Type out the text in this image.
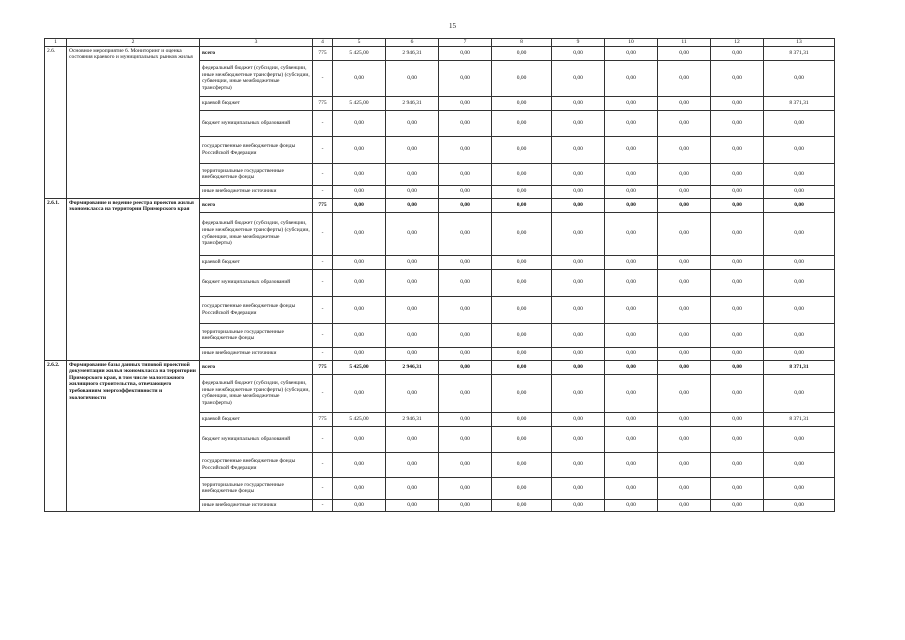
15
1	2	3	4	5	6	7	8	9	10	11	12	13
2.6.	Основное мероприятие 6. Мониторинг и оценка состояния краевого и муниципальных рынков жилья	всего	775	5 425,00	2 946,31	0,00	0,00	0,00	0,00	0,00	0,00	8 371,31
		федеральный бюджет (субсидии, субвенции, иные межбюджетные трансферты) (субсидии, субвенции, иные межбюджетные трансферты)	-	0,00	0,00	0,00	0,00	0,00	0,00	0,00	0,00	0,00
		краевой бюджет	775	5 425,00	2 946,31	0,00	0,00	0,00	0,00	0,00	0,00	8 371,31
		бюджет муниципальных образований	-	0,00	0,00	0,00	0,00	0,00	0,00	0,00	0,00	0,00
		государственные внебюджетные фонды Российской Федерации	-	0,00	0,00	0,00	0,00	0,00	0,00	0,00	0,00	0,00
		территориальные государственные внебюджетные фонды	-	0,00	0,00	0,00	0,00	0,00	0,00	0,00	0,00	0,00
		иные внебюджетные источники	-	0,00	0,00	0,00	0,00	0,00	0,00	0,00	0,00	0,00
2.6.1.	Формирование и ведение реестра проектов жилья экономкласса на территории Приморского края	всего	775	0,00	0,00	0,00	0,00	0,00	0,00	0,00	0,00	0,00
		федеральный бюджет (субсидии, субвенции, иные межбюджетные трансферты) (субсидии, субвенции, иные межбюджетные трансферты)	-	0,00	0,00	0,00	0,00	0,00	0,00	0,00	0,00	0,00
		краевой бюджет	-	0,00	0,00	0,00	0,00	0,00	0,00	0,00	0,00	0,00
		бюджет муниципальных образований	-	0,00	0,00	0,00	0,00	0,00	0,00	0,00	0,00	0,00
		государственные внебюджетные фонды Российской Федерации	-	0,00	0,00	0,00	0,00	0,00	0,00	0,00	0,00	0,00
		территориальные государственные внебюджетные фонды	-	0,00	0,00	0,00	0,00	0,00	0,00	0,00	0,00	0,00
		иные внебюджетные источники	-	0,00	0,00	0,00	0,00	0,00	0,00	0,00	0,00	0,00
2.6.2.	Формирование базы данных типовой проектной документации жилья экономкласса на территории Приморского края, в том числе малоэтажного жилищного строительства, отвечающего требованиям энергоэффективности и экологичности	всего	775	5 425,00	2 946,31	0,00	0,00	0,00	0,00	0,00	0,00	8 371,31
		федеральный бюджет (субсидии, субвенции, иные межбюджетные трансферты) (субсидии, субвенции, иные межбюджетные трансферты)	-	0,00	0,00	0,00	0,00	0,00	0,00	0,00	0,00	0,00
		краевой бюджет	775	5 425,00	2 946,31	0,00	0,00	0,00	0,00	0,00	0,00	8 371,31
		бюджет муниципальных образований	-	0,00	0,00	0,00	0,00	0,00	0,00	0,00	0,00	0,00
		государственные внебюджетные фонды Российской Федерации	-	0,00	0,00	0,00	0,00	0,00	0,00	0,00	0,00	0,00
		территориальные государственные внебюджетные фонды	-	0,00	0,00	0,00	0,00	0,00	0,00	0,00	0,00	0,00
		иные внебюджетные источники	-	0,00	0,00	0,00	0,00	0,00	0,00	0,00	0,00	0,00
